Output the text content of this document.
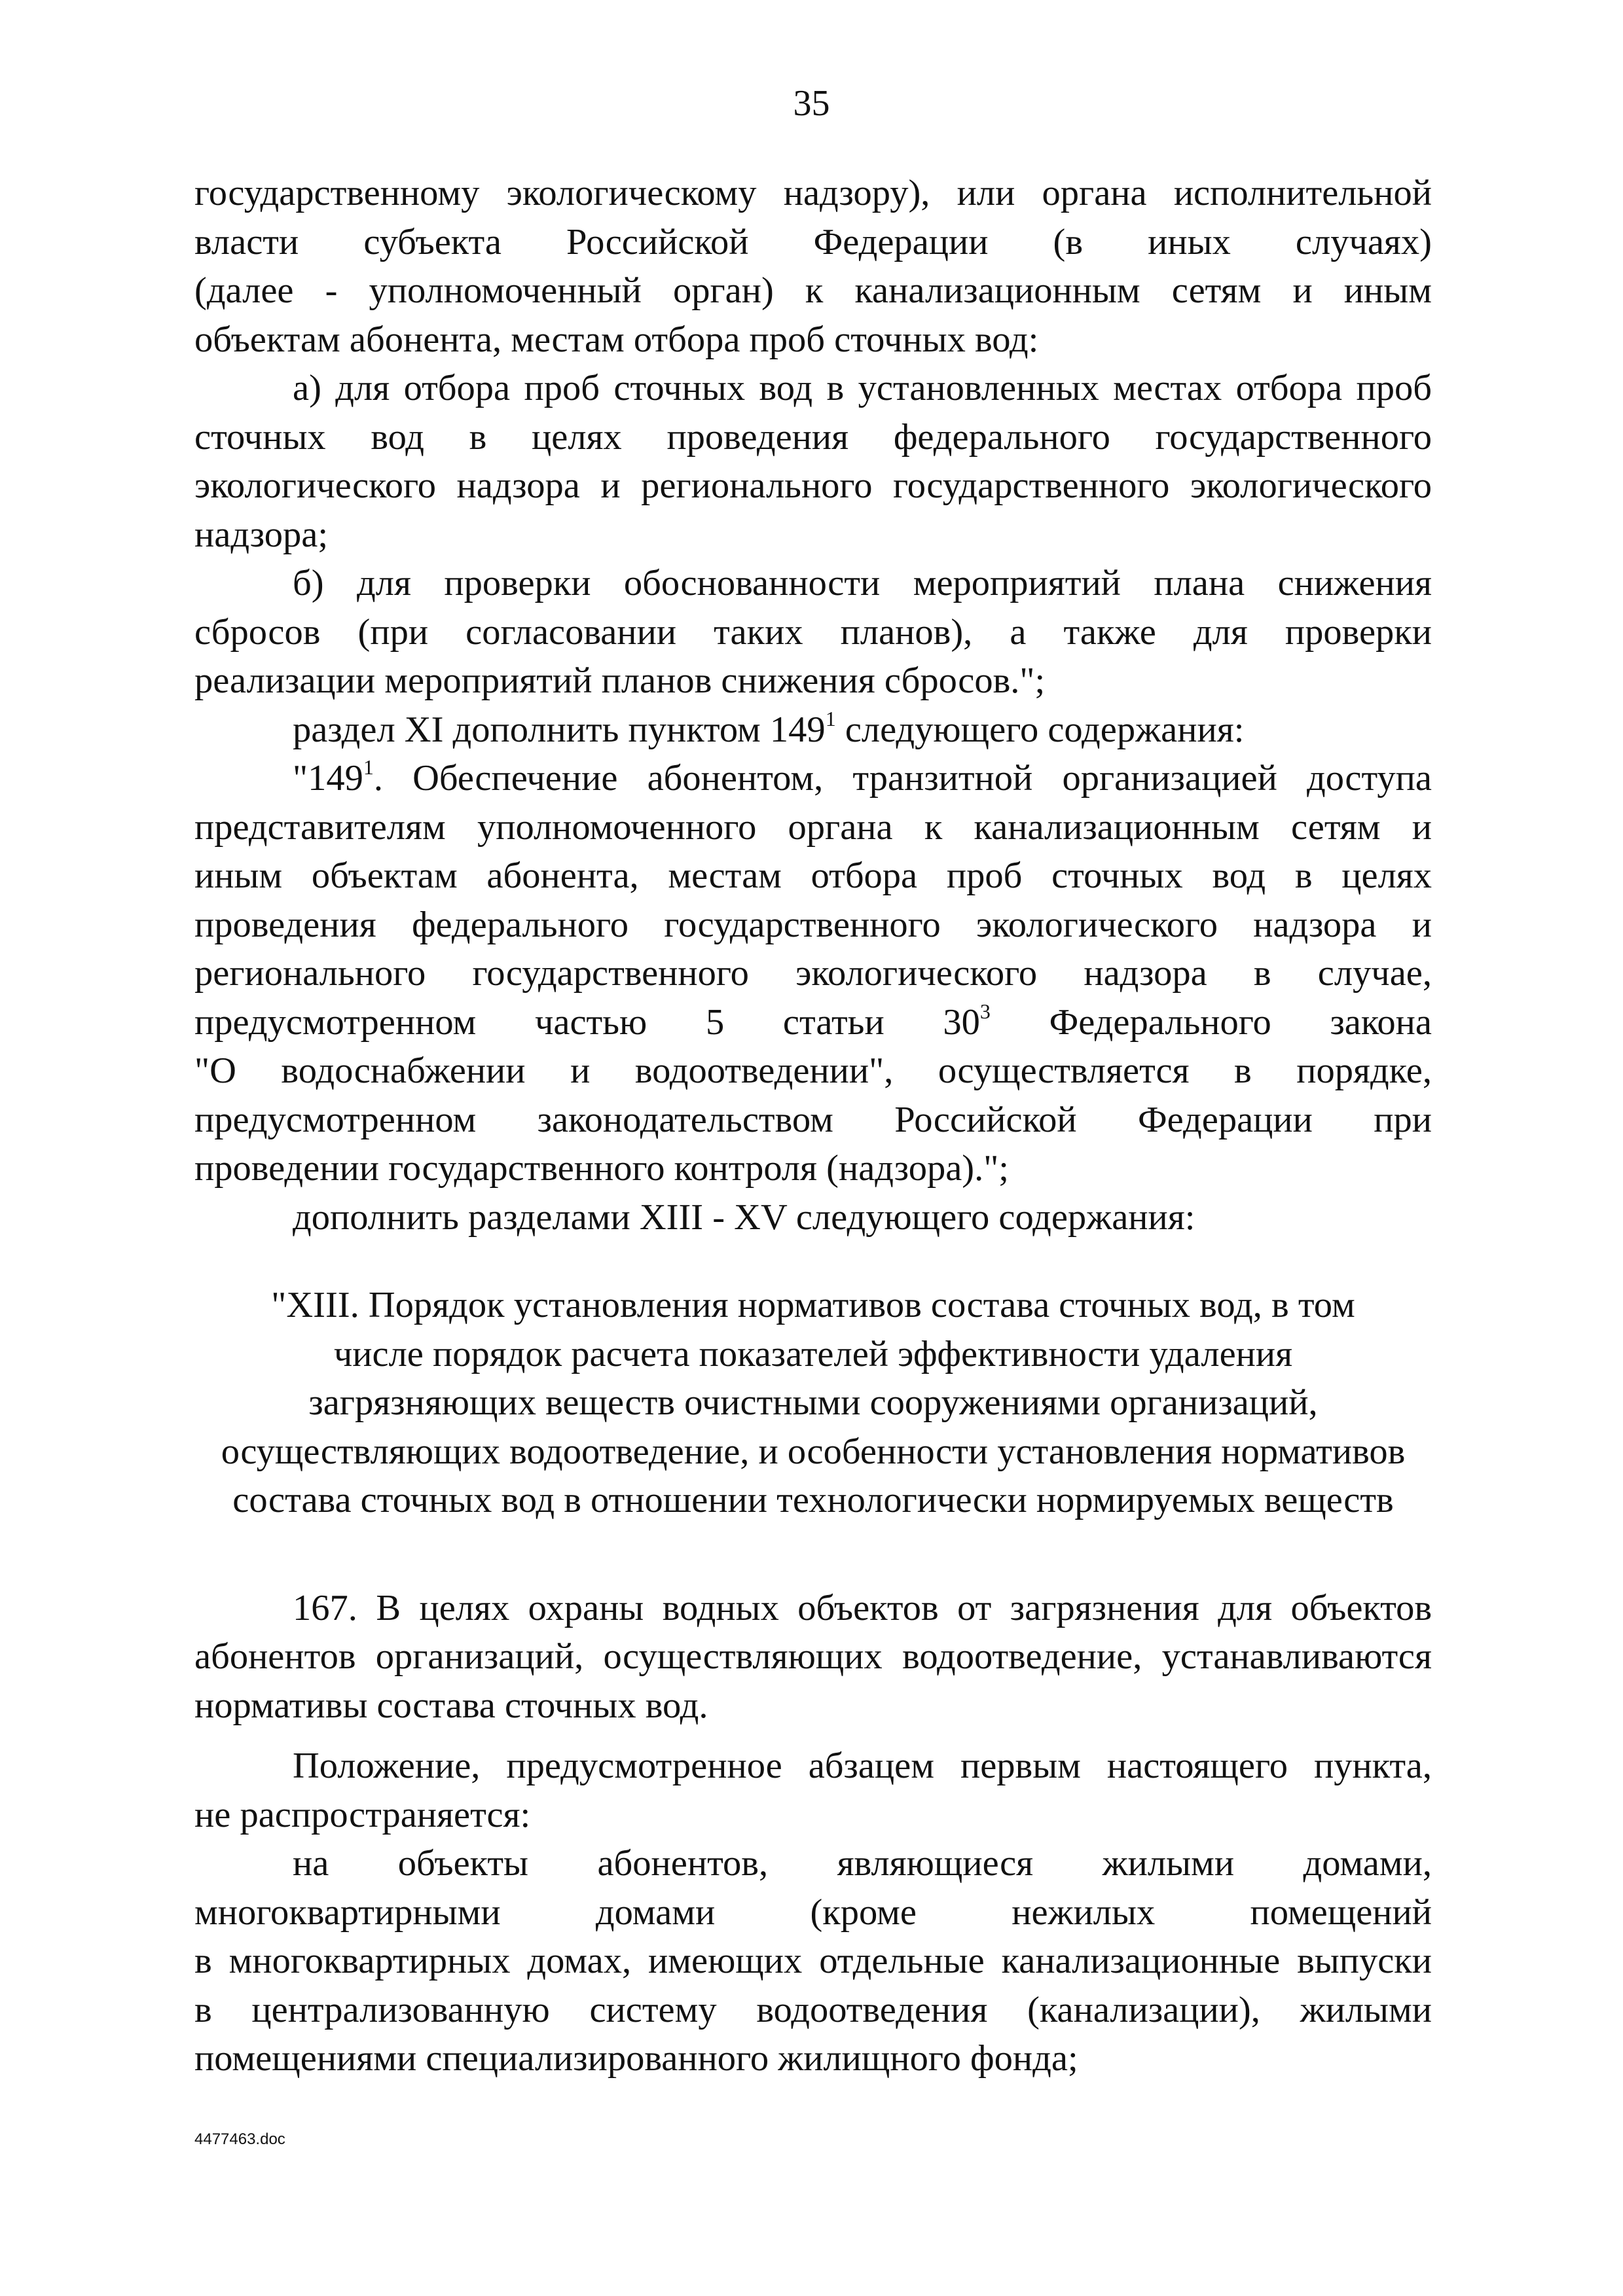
35
государственному экологическому надзору), или органа исполнительной
власти субъекта Российской Федерации (в иных случаях)
(далее - уполномоченный орган) к канализационным сетям и иным
объектам абонента, местам отбора проб сточных вод:
а) для отбора проб сточных вод в установленных местах отбора проб
сточных вод в целях проведения федерального государственного
экологического надзора и регионального государственного экологического
надзора;
б) для проверки обоснованности мероприятий плана снижения
сбросов (при согласовании таких планов), а также для проверки
реализации мероприятий планов снижения сбросов.";
раздел XI дополнить пунктом $149^1$ следующего содержания:
"$149^1$. Обеспечение абонентом, транзитной организацией доступа
представителям уполномоченного органа к канализационным сетям и
иным объектам абонента, местам отбора проб сточных вод в целях
проведения федерального государственного экологического надзора и
регионального государственного экологического надзора в случае,
предусмотренном частью 5 статьи $30^3$ Федерального закона
"О водоснабжении и водоотведении", осуществляется в порядке,
предусмотренном законодательством Российской Федерации при
проведении государственного контроля (надзора).";
дополнить разделами XIII - XV следующего содержания:
"XIII. Порядок установления нормативов состава сточных вод, в том
числе порядок расчета показателей эффективности удаления
загрязняющих веществ очистными сооружениями организаций,
осуществляющих водоотведение, и особенности установления нормативов
состава сточных вод в отношении технологически нормируемых веществ
167. В целях охраны водных объектов от загрязнения для объектов
абонентов организаций, осуществляющих водоотведение, устанавливаются
нормативы состава сточных вод.
Положение, предусмотренное абзацем первым настоящего пункта,
не распространяется:
на объекты абонентов, являющиеся жилыми домами,
многоквартирными домами (кроме нежилых помещений
в многоквартирных домах, имеющих отдельные канализационные выпуски
в централизованную систему водоотведения (канализации), жилыми
помещениями специализированного жилищного фонда;
4477463.doc
